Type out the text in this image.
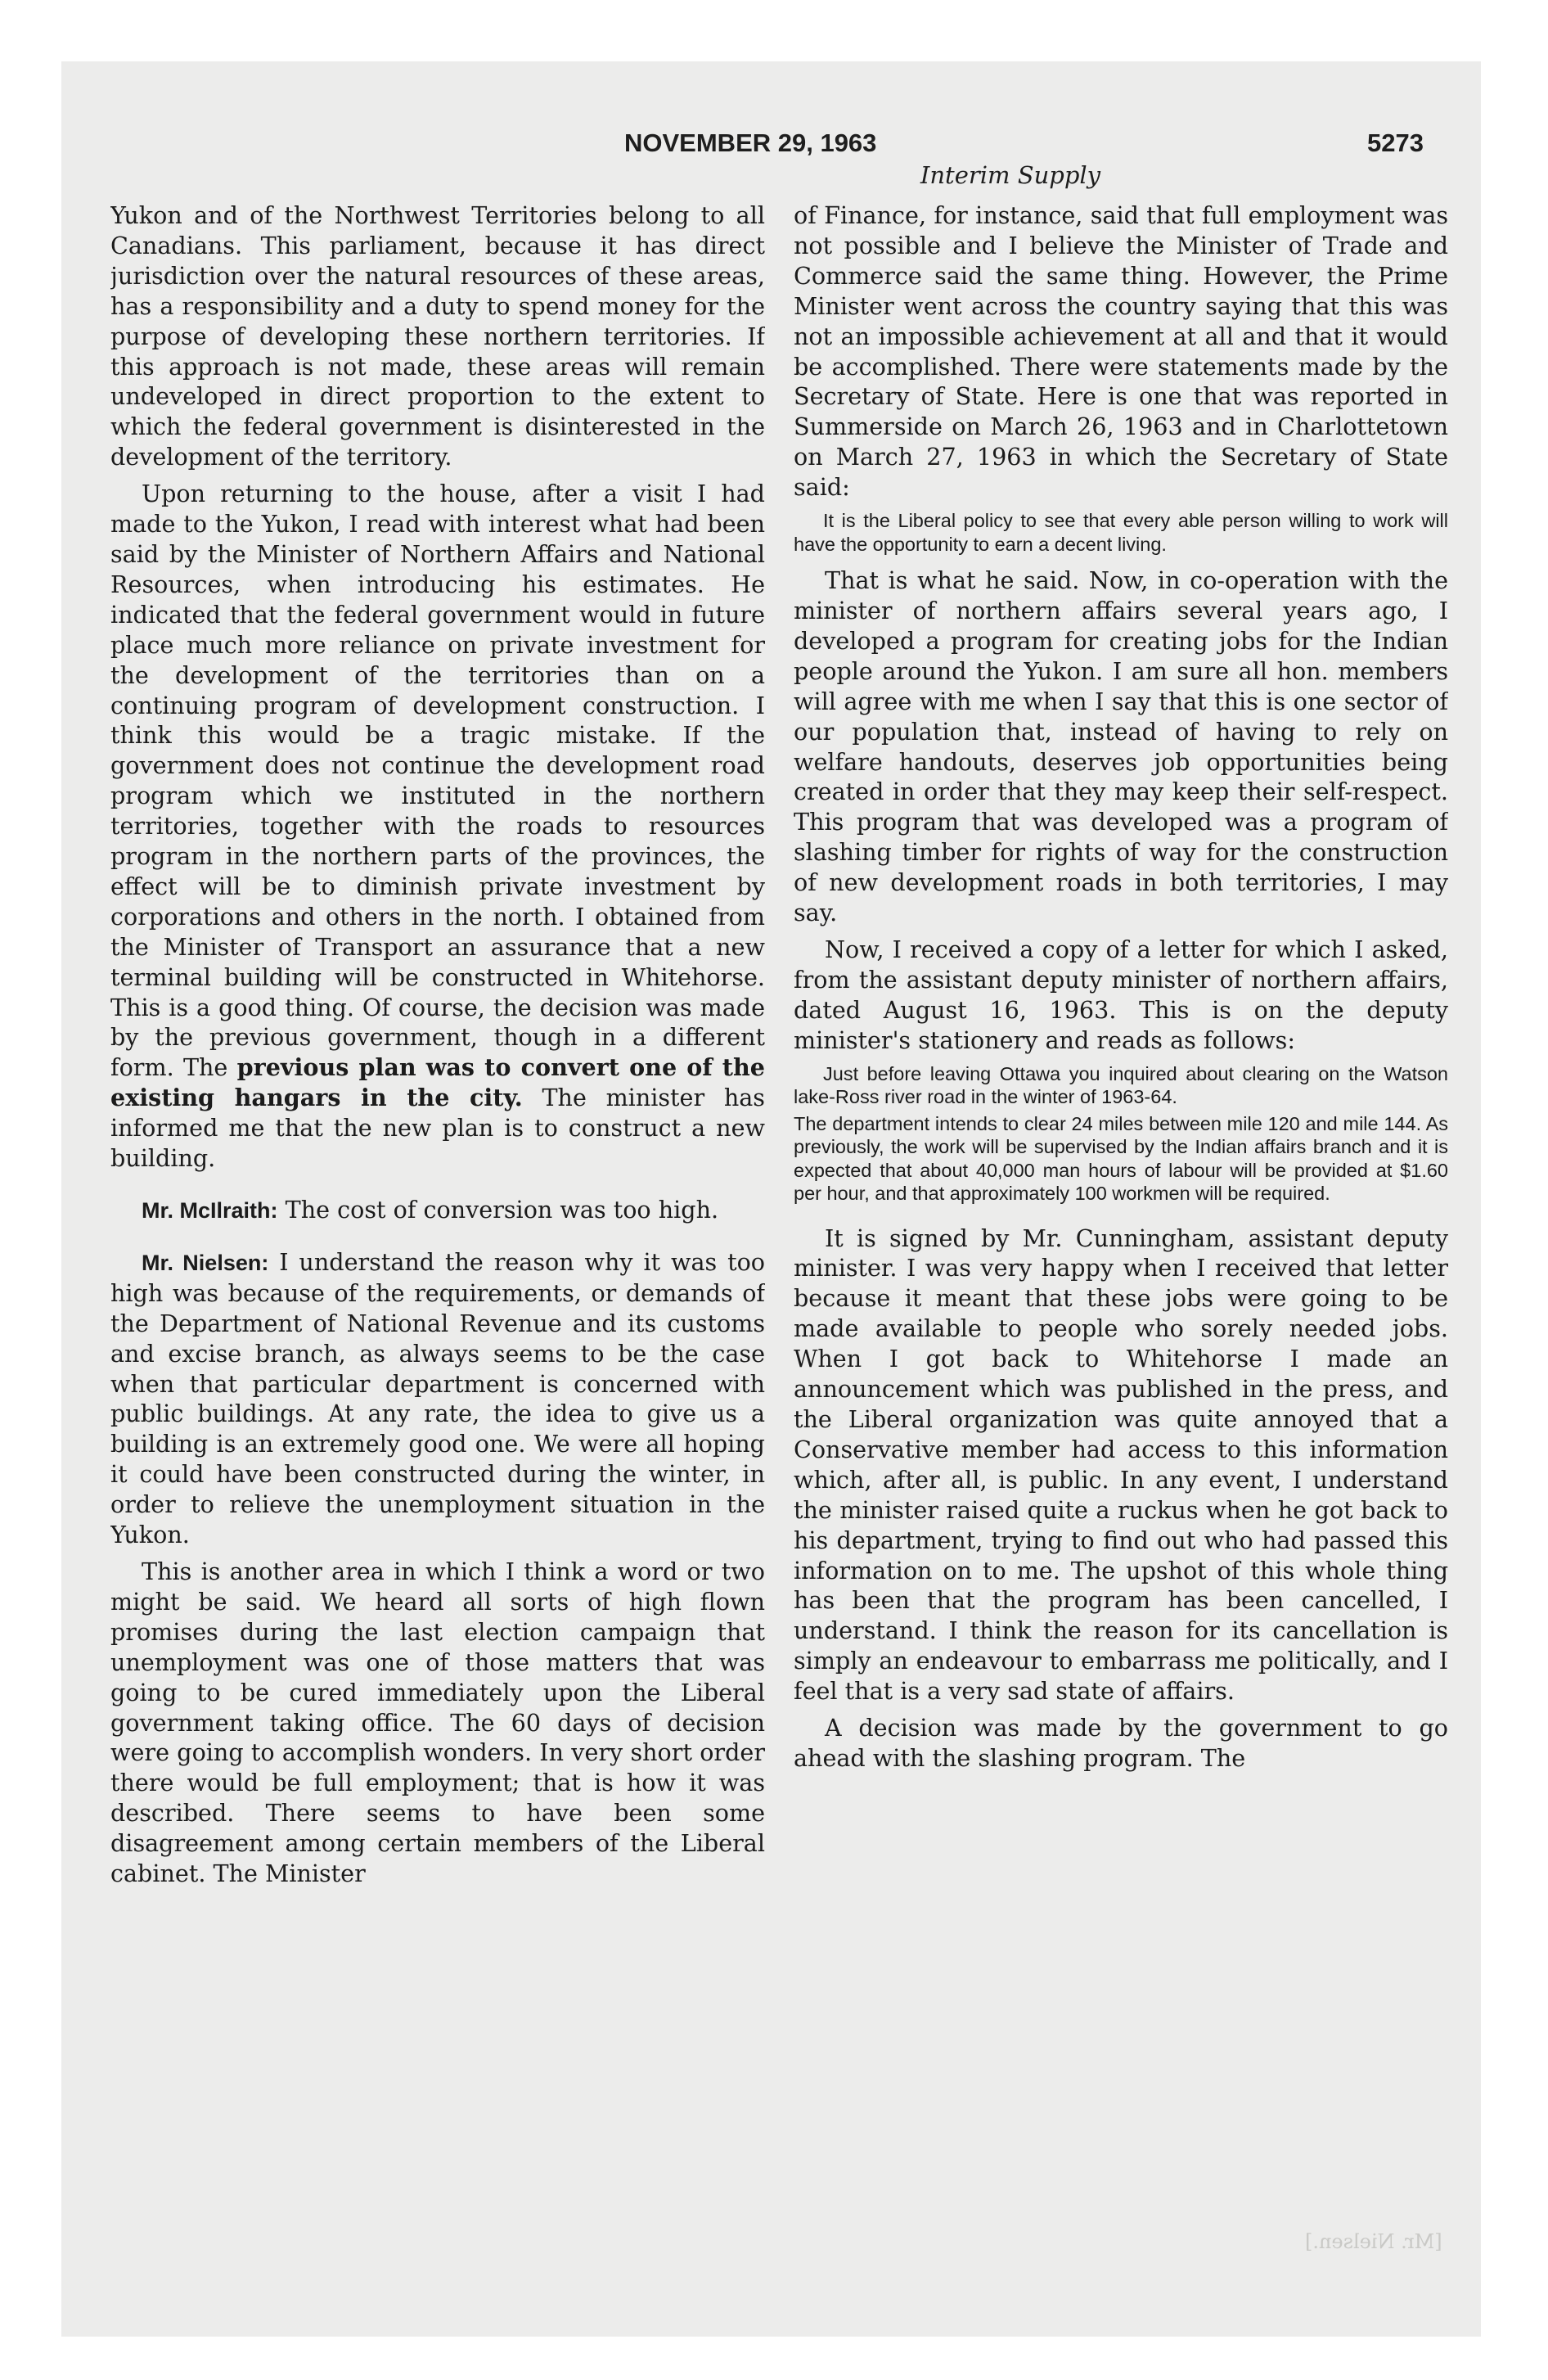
NOVEMBER 29, 1963	5273
Interim Supply

Yukon and of the Northwest Territories belong to all Canadians. This parliament, because it has direct jurisdiction over the natural resources of these areas, has a responsibility and a duty to spend money for the purpose of developing these northern territories. If this approach is not made, these areas will remain undeveloped in direct proportion to the extent to which the federal government is disinterested in the development of the territory.

Upon returning to the house, after a visit I had made to the Yukon, I read with interest what had been said by the Minister of Northern Affairs and National Resources, when introducing his estimates. He indicated that the federal government would in future place much more reliance on private investment for the development of the territories than on a continuing program of development construction. I think this would be a tragic mistake. If the government does not continue the development road program which we instituted in the northern territories, together with the roads to resources program in the northern parts of the provinces, the effect will be to diminish private investment by corporations and others in the north. I obtained from the Minister of Transport an assurance that a new terminal building will be constructed in Whitehorse. This is a good thing. Of course, the decision was made by the previous government, though in a different form. The previous plan was to convert one of the existing hangars in the city. The minister has informed me that the new plan is to construct a new building.

Mr. McIlraith: The cost of conversion was too high.

Mr. Nielsen: I understand the reason why it was too high was because of the requirements, or demands of the Department of National Revenue and its customs and excise branch, as always seems to be the case when that particular department is concerned with public buildings. At any rate, the idea to give us a building is an extremely good one. We were all hoping it could have been constructed during the winter, in order to relieve the unemployment situation in the Yukon.

This is another area in which I think a word or two might be said. We heard all sorts of high flown promises during the last election campaign that unemployment was one of those matters that was going to be cured immediately upon the Liberal government taking office. The 60 days of decision were going to accomplish wonders. In very short order there would be full employment; that is how it was described. There seems to have been some disagreement among certain members of the Liberal cabinet. The Minister

of Finance, for instance, said that full employment was not possible and I believe the Minister of Trade and Commerce said the same thing. However, the Prime Minister went across the country saying that this was not an impossible achievement at all and that it would be accomplished. There were statements made by the Secretary of State. Here is one that was reported in Summerside on March 26, 1963 and in Charlottetown on March 27, 1963 in which the Secretary of State said:

It is the Liberal policy to see that every able person willing to work will have the opportunity to earn a decent living.

That is what he said. Now, in co-operation with the minister of northern affairs several years ago, I developed a program for creating jobs for the Indian people around the Yukon. I am sure all hon. members will agree with me when I say that this is one sector of our population that, instead of having to rely on welfare handouts, deserves job opportunities being created in order that they may keep their self-respect. This program that was developed was a program of slashing timber for rights of way for the construction of new development roads in both territories, I may say.

Now, I received a copy of a letter for which I asked, from the assistant deputy minister of northern affairs, dated August 16, 1963. This is on the deputy minister's stationery and reads as follows:

Just before leaving Ottawa you inquired about clearing on the Watson lake-Ross river road in the winter of 1963-64.
The department intends to clear 24 miles between mile 120 and mile 144. As previously, the work will be supervised by the Indian affairs branch and it is expected that about 40,000 man hours of labour will be provided at $1.60 per hour, and that approximately 100 workmen will be required.

It is signed by Mr. Cunningham, assistant deputy minister. I was very happy when I received that letter because it meant that these jobs were going to be made available to people who sorely needed jobs. When I got back to Whitehorse I made an announcement which was published in the press, and the Liberal organization was quite annoyed that a Conservative member had access to this information which, after all, is public. In any event, I understand the minister raised quite a ruckus when he got back to his department, trying to find out who had passed this information on to me. The upshot of this whole thing has been that the program has been cancelled, I understand. I think the reason for its cancellation is simply an endeavour to embarrass me politically, and I feel that is a very sad state of affairs.

A decision was made by the government to go ahead with the slashing program. The

[Mr. Nielsen.]
